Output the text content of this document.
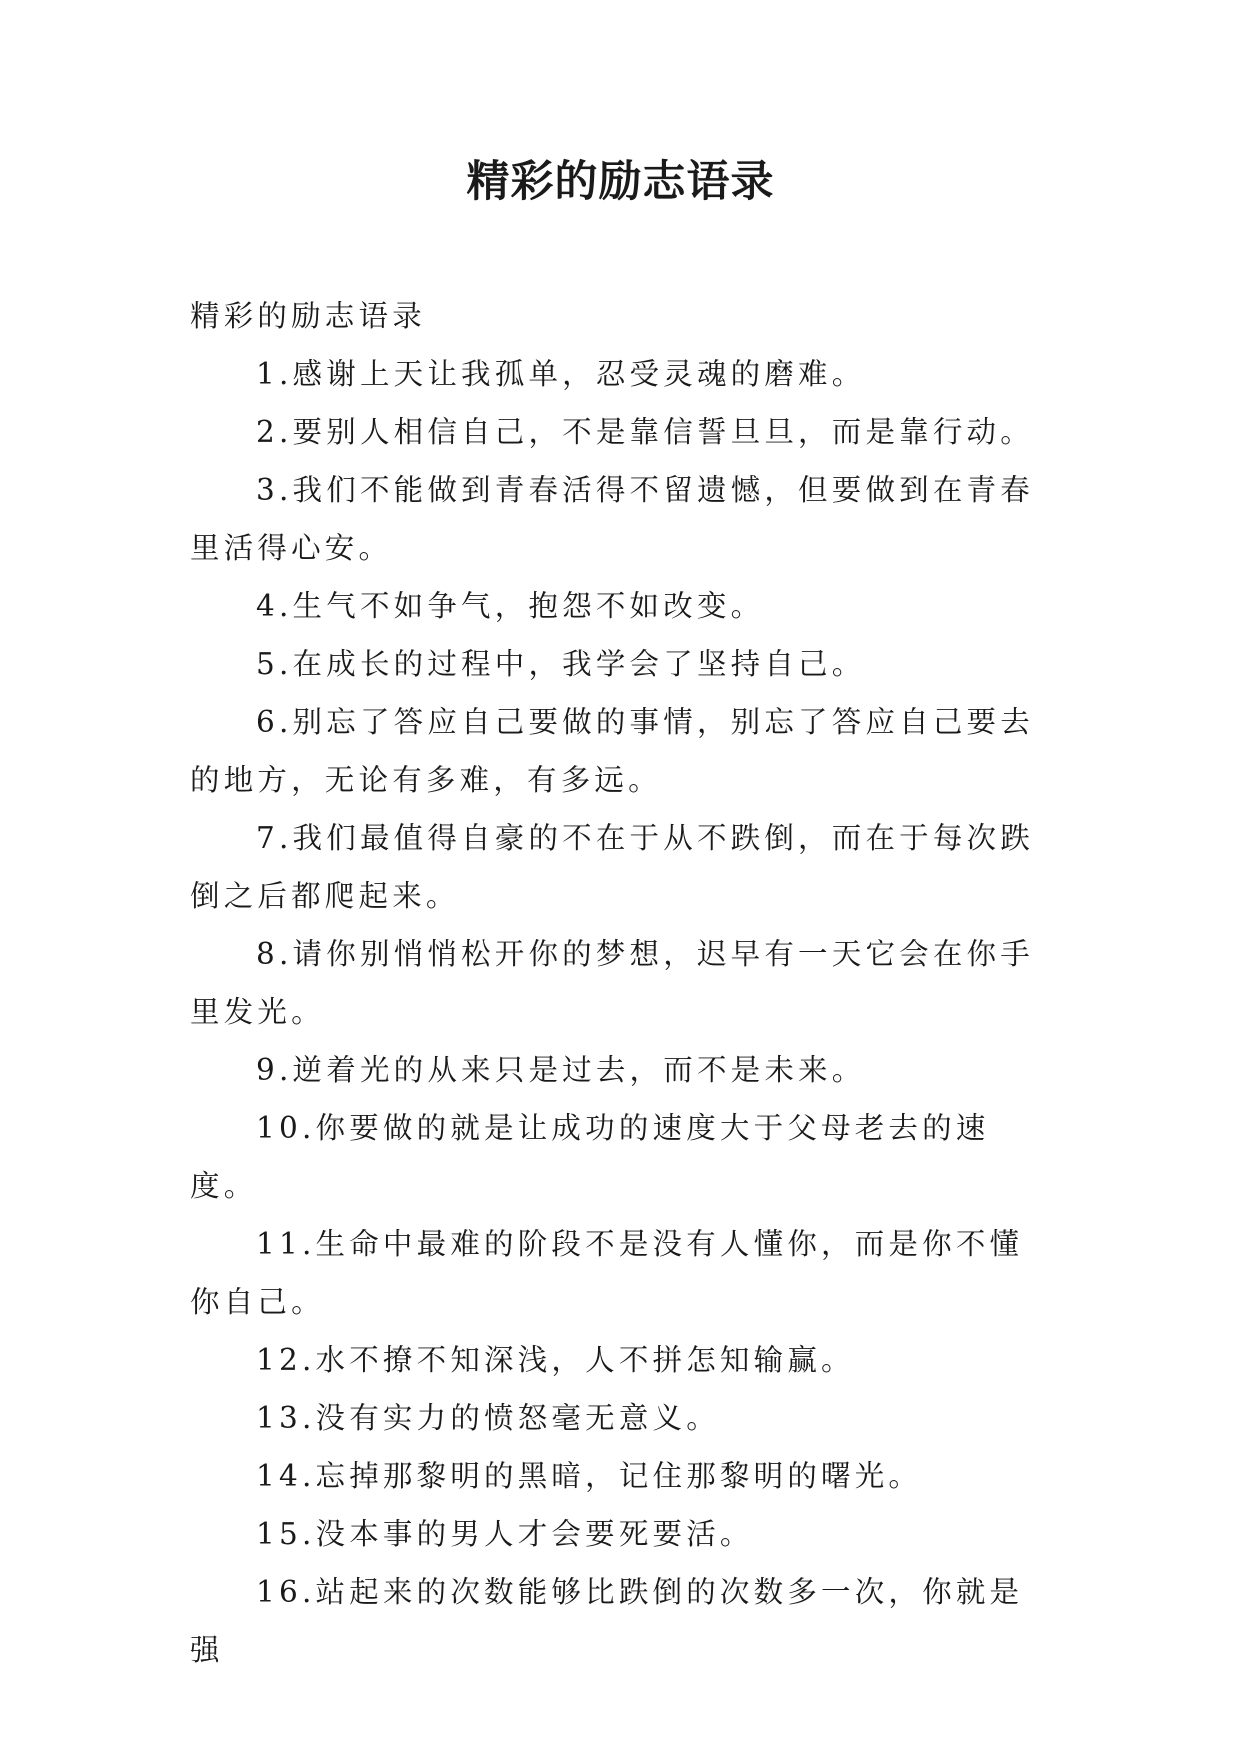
精彩的励志语录

精彩的励志语录

1.感谢上天让我孤单，忍受灵魂的磨难。

2.要别人相信自己，不是靠信誓旦旦，而是靠行动。

3.我们不能做到青春活得不留遗憾，但要做到在青春里活得心安。

4.生气不如争气，抱怨不如改变。

5.在成长的过程中，我学会了坚持自己。

6.别忘了答应自己要做的事情，别忘了答应自己要去的地方，无论有多难，有多远。

7.我们最值得自豪的不在于从不跌倒，而在于每次跌倒之后都爬起来。

8.请你别悄悄松开你的梦想，迟早有一天它会在你手里发光。

9.逆着光的从来只是过去，而不是未来。

10.你要做的就是让成功的速度大于父母老去的速度。

11.生命中最难的阶段不是没有人懂你，而是你不懂你自己。

12.水不撩不知深浅，人不拼怎知输赢。

13.没有实力的愤怒毫无意义。

14.忘掉那黎明的黑暗，记住那黎明的曙光。

15.没本事的男人才会要死要活。

16.站起来的次数能够比跌倒的次数多一次，你就是强
